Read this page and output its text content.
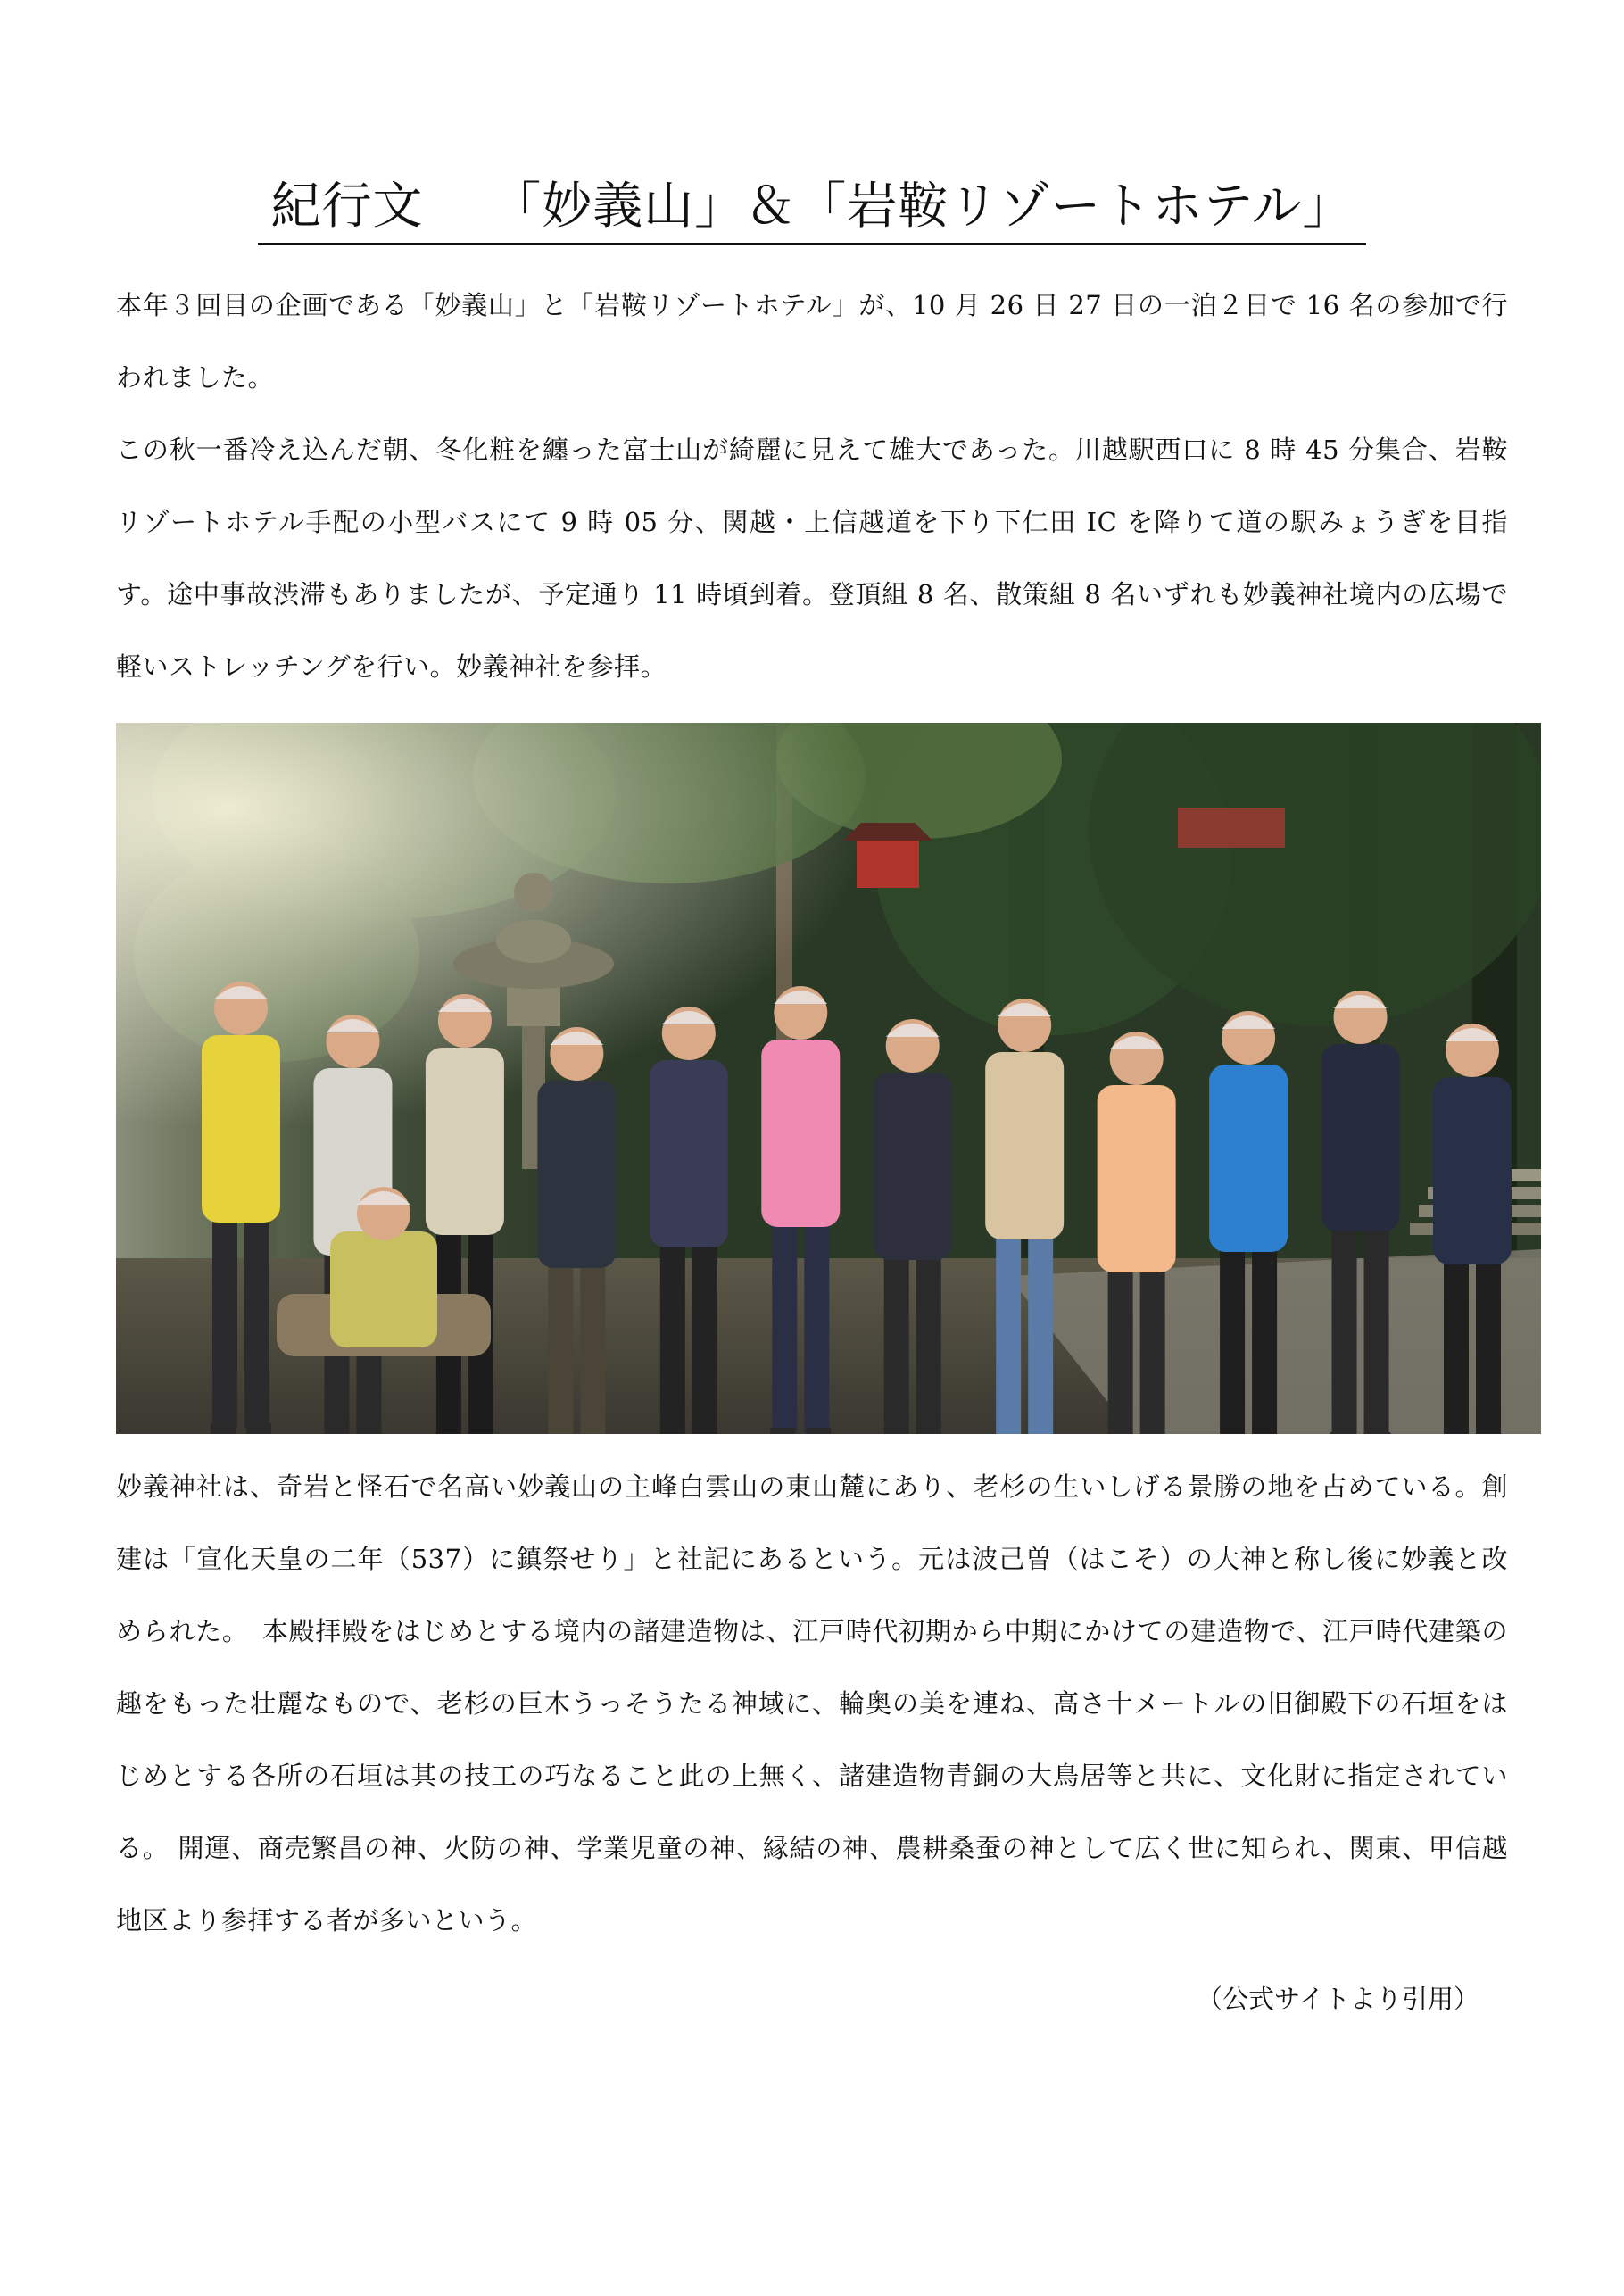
紀行文　 「妙義山」＆「岩鞍リゾートホテル」

本年３回目の企画である「妙義山」と「岩鞍リゾートホテル」が、10 月 26 日 27 日の一泊２日で 16 名の参加で行われました。

この秋一番冷え込んだ朝、冬化粧を纏った富士山が綺麗に見えて雄大であった。川越駅西口に 8 時 45 分集合、岩鞍リゾートホテル手配の小型バスにて 9 時 05 分、関越・上信越道を下り下仁田 IC を降りて道の駅みょうぎを目指す。途中事故渋滞もありましたが、予定通り 11 時頃到着。登頂組 8 名、散策組 8 名いずれも妙義神社境内の広場で軽いストレッチングを行い。妙義神社を参拝。

妙義神社は、奇岩と怪石で名高い妙義山の主峰白雲山の東山麓にあり、老杉の生いしげる景勝の地を占めている。創建は「宣化天皇の二年（537）に鎮祭せり」と社記にあるという。元は波己曽（はこそ）の大神と称し後に妙義と改められた。　本殿拝殿をはじめとする境内の諸建造物は、江戸時代初期から中期にかけての建造物で、江戸時代建築の趣をもった壮麗なもので、老杉の巨木うっそうたる神域に、輪奥の美を連ね、高さ十メートルの旧御殿下の石垣をはじめとする各所の石垣は其の技工の巧なること此の上無く、諸建造物青銅の大鳥居等と共に、文化財に指定されている。 開運、商売繁昌の神、火防の神、学業児童の神、縁結の神、農耕桑蚕の神として広く世に知られ、関東、甲信越地区より参拝する者が多いという。

（公式サイトより引用）
